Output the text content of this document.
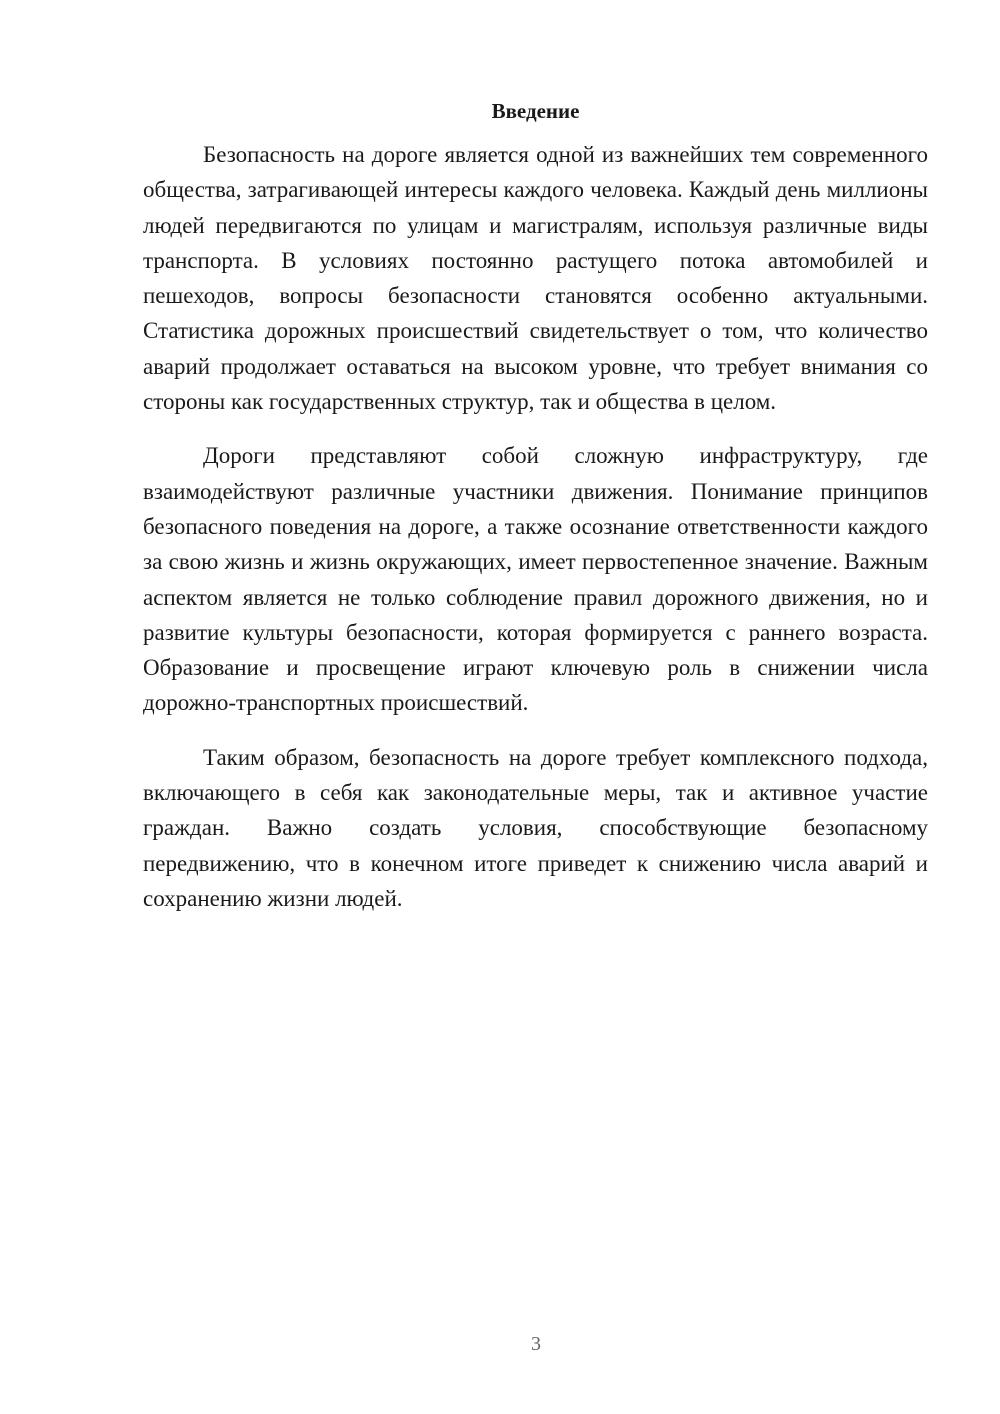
Введение

Безопасность на дороге является одной из важнейших тем современного общества, затрагивающей интересы каждого человека. Каждый день миллионы людей передвигаются по улицам и магистралям, используя различные виды транспорта. В условиях постоянно растущего потока автомобилей и пешеходов, вопросы безопасности становятся особенно актуальными. Статистика дорожных происшествий свидетельствует о том, что количество аварий продолжает оставаться на высоком уровне, что требует внимания со стороны как государственных структур, так и общества в целом.

Дороги представляют собой сложную инфраструктуру, где взаимодействуют различные участники движения. Понимание принципов безопасного поведения на дороге, а также осознание ответственности каждого за свою жизнь и жизнь окружающих, имеет первостепенное значение. Важным аспектом является не только соблюдение правил дорожного движения, но и развитие культуры безопасности, которая формируется с раннего возраста. Образование и просвещение играют ключевую роль в снижении числа дорожно-транспортных происшествий.

Таким образом, безопасность на дороге требует комплексного подхода, включающего в себя как законодательные меры, так и активное участие граждан. Важно создать условия, способствующие безопасному передвижению, что в конечном итоге приведет к снижению числа аварий и сохранению жизни людей.

3
